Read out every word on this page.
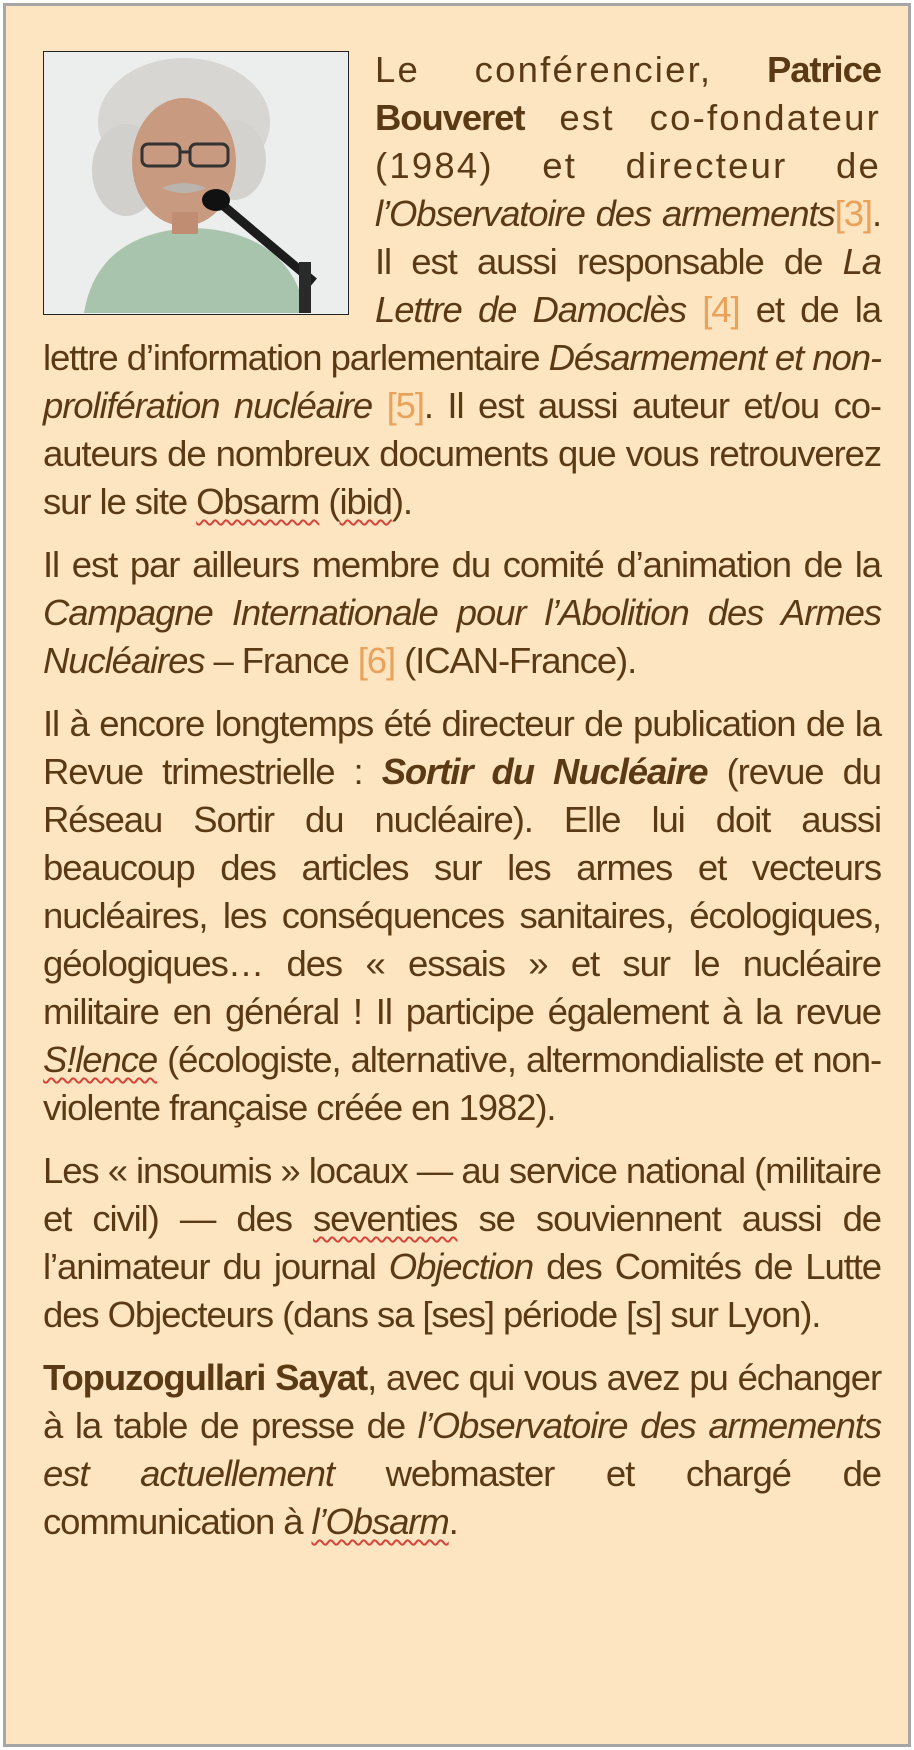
Le conférencier, Patrice Bouveret est co-fondateur (1984) et directeur de l’Observatoire des armements[3]. Il est aussi responsable de La Lettre de Damoclès [4] et de la lettre d’information parlementaire Désarmement et non-prolifération nucléaire [5]. Il est aussi auteur et/ou co-auteurs de nombreux documents que vous retrouverez sur le site Obsarm (ibid).

Il est par ailleurs membre du comité d’animation de la Campagne Internationale pour l’Abolition des Armes Nucléaires – France [6] (ICAN-France).

Il à encore longtemps été directeur de publication de la Revue trimestrielle : Sortir du Nucléaire (revue du Réseau Sortir du nucléaire). Elle lui doit aussi beaucoup des articles sur les armes et vecteurs nucléaires, les conséquences sanitaires, écologiques, géologiques… des « essais » et sur le nucléaire militaire en général ! Il participe également à la revue S!lence (écologiste, alternative, altermondialiste et non-violente française créée en 1982).

Les « insoumis » locaux — au service national (militaire et civil) — des seventies se souviennent aussi de l’animateur du journal Objection des Comités de Lutte des Objecteurs (dans sa [ses] période [s] sur Lyon).

Topuzogullari Sayat, avec qui vous avez pu échanger à la table de presse de l’Observatoire des armements est actuellement webmaster et chargé de communication à l’Obsarm.
